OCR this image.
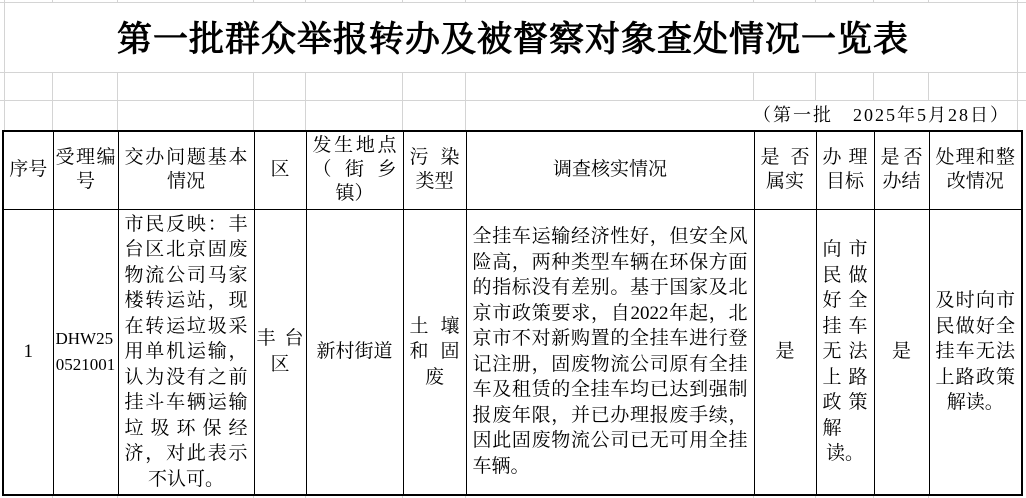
第一批群众举报转办及被督察对象查处情况一览表
（第一批　2025年5月28日）
序号	受理编号	交办问题基本情况	区	发生地点（街乡镇）	污染类型	调查核实情况	是否属实	办理目标	是否办结	处理和整改情况
1	DHW250521001	市民反映：丰台区北京固废物流公司马家楼转运站，现在转运垃圾采用单机运输，认为没有之前挂斗车辆运输垃圾环保经济，对此表示不认可。	丰台区	新村街道	土壤和固废	全挂车运输经济性好，但安全风险高，两种类型车辆在环保方面的指标没有差别。基于国家及北京市政策要求，自2022年起，北京市不对新购置的全挂车进行登记注册，固废物流公司原有全挂车及租赁的全挂车均已达到强制报废年限，并已办理报废手续，因此固废物流公司已无可用全挂车辆。	是	向市民做好全挂车无法上路政策解读。	是	及时向市民做好全挂车无法上路政策解读。
